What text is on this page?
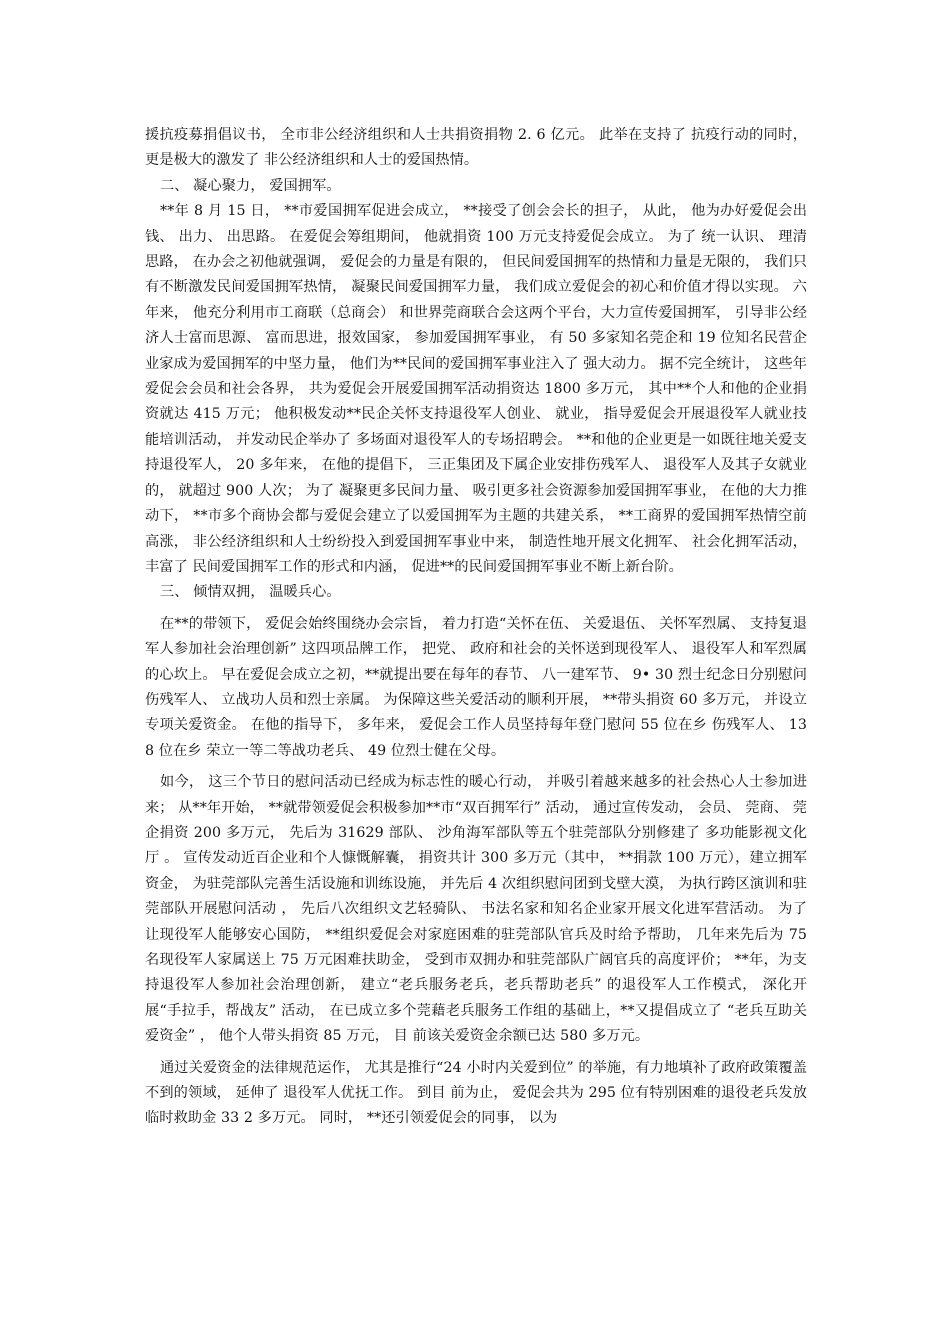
援抗疫募捐倡议书， 全市非公经济组织和人士共捐资捐物 2. 6 亿元。 此举在支持了 抗疫行动的同时， 更是极大的激发了 非公经济组织和人士的爱国热情。

二、 凝心聚力， 爱国拥军。

**年 8 月 15 日， **市爱国拥军促进会成立， **接受了创会会长的担子， 从此， 他为办好爱促会出钱、 出力、 出思路。 在爱促会筹组期间， 他就捐资 100 万元支持爱促会成立。 为了 统一认识、 理清思路， 在办会之初他就强调， 爱促会的力量是有限的， 但民间爱国拥军的热情和力量是无限的， 我们只有不断激发民间爱国拥军热情， 凝聚民间爱国拥军力量， 我们成立爱促会的初心和价值才得以实现。 六年来， 他充分利用市工商联（总商会） 和世界莞商联合会这两个平台，大力宣传爱国拥军， 引导非公经济人士富而思源、 富而思进，报效国家， 参加爱国拥军事业， 有 50 多家知名莞企和 19 位知名民营企业家成为爱国拥军的中坚力量， 他们为**民间的爱国拥军事业注入了 强大动力。 据不完全统计， 这些年爱促会会员和社会各界， 共为爱促会开展爱国拥军活动捐资达 1800 多万元， 其中**个人和他的企业捐资就达 415 万元； 他积极发动**民企关怀支持退役军人创业、 就业， 指导爱促会开展退役军人就业技能培训活动， 并发动民企举办了 多场面对退役军人的专场招聘会。 **和他的企业更是一如既往地关爱支持退役军人， 20 多年来， 在他的提倡下， 三正集团及下属企业安排伤残军人、 退役军人及其子女就业的， 就超过 900 人次； 为了 凝聚更多民间力量、 吸引更多社会资源参加爱国拥军事业， 在他的大力推动下， **市多个商协会都与爱促会建立了以爱国拥军为主题的共建关系， **工商界的爱国拥军热情空前高涨， 非公经济组织和人士纷纷投入到爱国拥军事业中来， 制造性地开展文化拥军、 社会化拥军活动， 丰富了 民间爱国拥军工作的形式和内涵， 促进**的民间爱国拥军事业不断上新台阶。

三、 倾情双拥， 温暖兵心。

在**的带领下， 爱促会始终围绕办会宗旨， 着力打造“关怀在伍、 关爱退伍、 关怀军烈属、 支持复退军人参加社会治理创新” 这四项品牌工作， 把党、 政府和社会的关怀送到现役军人、 退役军人和军烈属的心坎上。 早在爱促会成立之初，**就提出要在每年的春节、 八一建军节、 9• 30 烈士纪念日分别慰问伤残军人、 立战功人员和烈士亲属。 为保障这些关爱活动的顺利开展， **带头捐资 60 多万元， 并设立专项关爱资金。 在他的指导下， 多年来， 爱促会工作人员坚持每年登门慰问 55 位在乡 伤残军人、 138 位在乡 荣立一等二等战功老兵、 49 位烈士健在父母。

如今， 这三个节日的慰问活动已经成为标志性的暖心行动， 并吸引着越来越多的社会热心人士参加进来； 从**年开始， **就带领爱促会积极参加**市“双百拥军行” 活动， 通过宣传发动， 会员、 莞商、 莞企捐资 200 多万元， 先后为 31629 部队、 沙角海军部队等五个驻莞部队分别修建了 多功能影视文化厅 。 宣传发动近百企业和个人慷慨解囊， 捐资共计 300 多万元（其中， **捐款 100 万元），建立拥军资金， 为驻莞部队完善生活设施和训练设施， 并先后 4 次组织慰问团到戈壁大漠， 为执行跨区演训和驻莞部队开展慰问活动 ， 先后八次组织文艺轻骑队、 书法名家和知名企业家开展文化进军营活动。 为了 让现役军人能够安心国防， **组织爱促会对家庭困难的驻莞部队官兵及时给予帮助， 几年来先后为 75 名现役军人家属送上 75 万元困难扶助金， 受到市双拥办和驻莞部队广阔官兵的高度评价； **年，为支持退役军人参加社会治理创新， 建立“老兵服务老兵，老兵帮助老兵” 的退役军人工作模式， 深化开展“手拉手，帮战友” 活动， 在已成立多个莞藉老兵服务工作组的基础上，**又提倡成立了 “老兵互助关爱资金” ， 他个人带头捐资 85 万元， 目 前该关爱资金余额已达 580 多万元。

通过关爱资金的法律规范运作， 尤其是推行“24 小时内关爱到位” 的举施，有力地填补了政府政策覆盖不到的领域， 延伸了 退役军人优抚工作。 到目 前为止， 爱促会共为 295 位有特别困难的退役老兵发放临时救助金 33 2 多万元。 同时， **还引领爱促会的同事， 以为
